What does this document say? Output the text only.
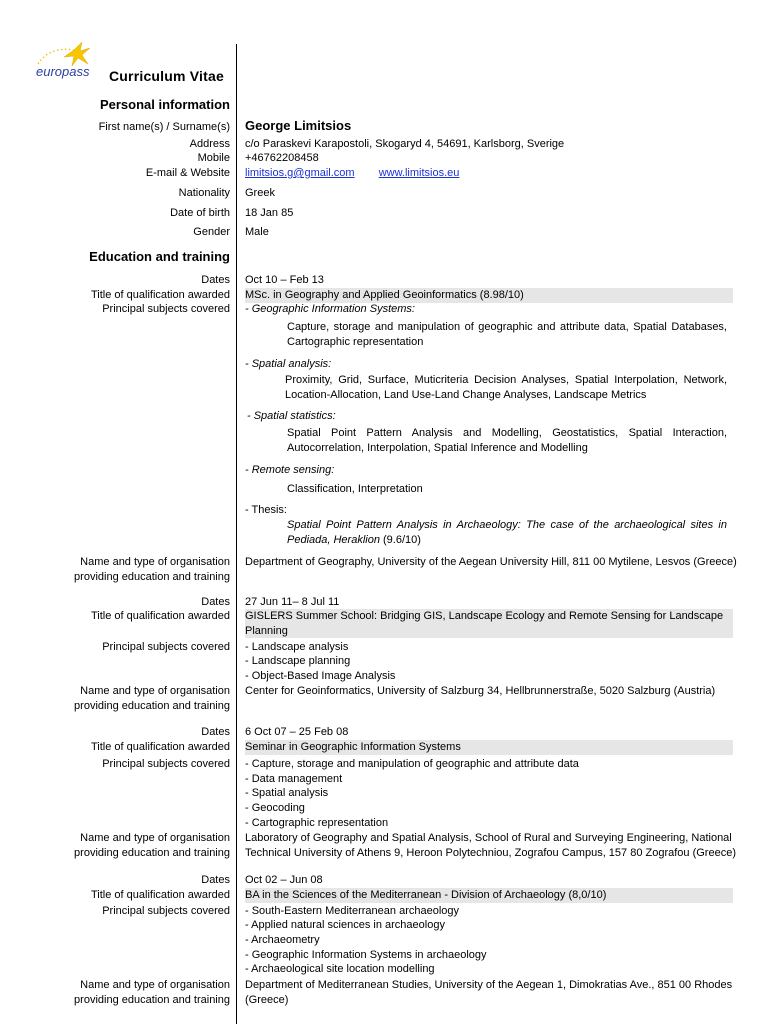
europass Curriculum Vitae
Personal information
First name(s) / Surname(s) George Limitsios
Address c/o Paraskevi Karapostoli, Skogaryd 4, 54691, Karlsborg, Sverige
Mobile +46762208458
E-mail & Website limitsios.g@gmail.com www.limitsios.eu
Nationality Greek
Date of birth 18 Jan 85
Gender Male
Education and training
Dates Oct 10 – Feb 13
Title of qualification awarded MSc. in Geography and Applied Geoinformatics (8.98/10)
Principal subjects covered - Geographic Information Systems:
Capture, storage and manipulation of geographic and attribute data, Spatial Databases, Cartographic representation
- Spatial analysis:
Proximity, Grid, Surface, Muticriteria Decision Analyses, Spatial Interpolation, Network, Location-Allocation, Land Use-Land Change Analyses, Landscape Metrics
- Spatial statistics:
Spatial Point Pattern Analysis and Modelling, Geostatistics, Spatial Interaction, Autocorrelation, Interpolation, Spatial Inference and Modelling
- Remote sensing:
Classification, Interpretation
- Thesis:
Spatial Point Pattern Analysis in Archaeology: The case of the archaeological sites in Pediada, Heraklion (9.6/10)
Name and type of organisation
providing education and training
Department of Geography, University of the Aegean University Hill, 811 00 Mytilene, Lesvos (Greece)
Dates 27 Jun 11– 8 Jul 11
Title of qualification awarded GISLERS Summer School: Bridging GIS, Landscape Ecology and Remote Sensing for Landscape Planning
Principal subjects covered - Landscape analysis
- Landscape planning
- Object-Based Image Analysis
Name and type of organisation
providing education and training
Center for Geoinformatics, University of Salzburg 34, Hellbrunnerstraße, 5020 Salzburg (Austria)
Dates 6 Oct 07 – 25 Feb 08
Title of qualification awarded Seminar in Geographic Information Systems
Principal subjects covered - Capture, storage and manipulation of geographic and attribute data
- Data management
- Spatial analysis
- Geocoding
- Cartographic representation
Name and type of organisation
providing education and training
Laboratory of Geography and Spatial Analysis, School of Rural and Surveying Engineering, National
Technical University of Athens 9, Heroon Polytechniou, Zografou Campus, 157 80 Zografou (Greece)
Dates Oct 02 – Jun 08
Title of qualification awarded BA in the Sciences of the Mediterranean - Division of Archaeology (8,0/10)
Principal subjects covered - South-Eastern Mediterranean archaeology
- Applied natural sciences in archaeology
- Archaeometry
- Geographic Information Systems in archaeology
- Archaeological site location modelling
Name and type of organisation
providing education and training
Department of Mediterranean Studies, University of the Aegean 1, Dimokratias Ave., 851 00 Rhodes
(Greece)
